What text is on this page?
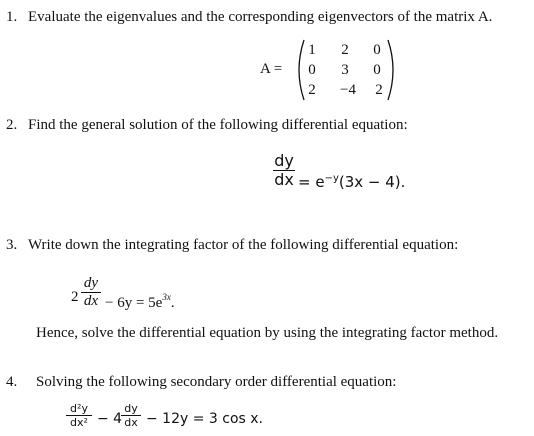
1. Evaluate the eigenvalues and the corresponding eigenvectors of the matrix A.
A =
1	2	0
0	3	0
2	−4	2
2. Find the general solution of the following differential equation:
dy
dx = $e^{-y}(3x - 4)$.
3. Write down the integrating factor of the following differential equation:
2
dy
dx − $6y = 5e^{3x}$.
Hence, solve the differential equation by using the integrating factor method.
4. Solving the following secondary order differential equation:
d²y
dx² − 4
dy
dx − 12y = 3 cos x.
